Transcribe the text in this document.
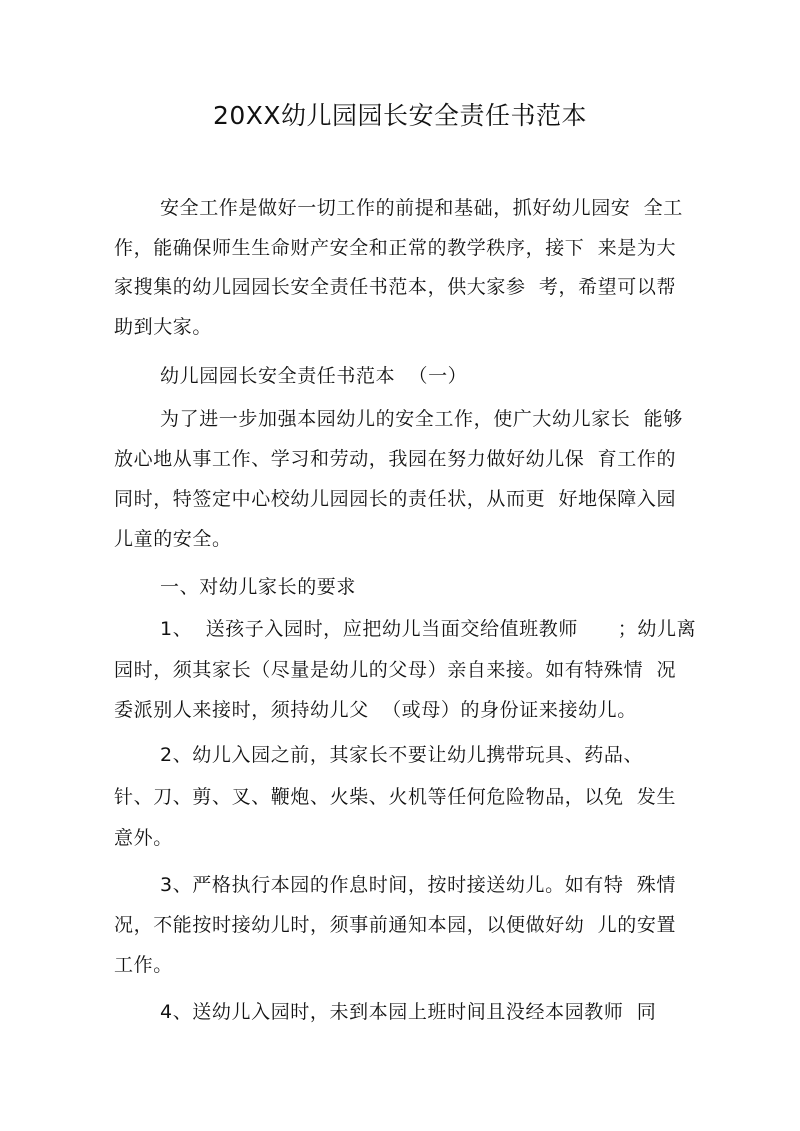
20XX幼儿园园长安全责任书范本
安全工作是做好一切工作的前提和基础，抓好幼儿园安  全工
作，能确保师生生命财产安全和正常的教学秩序，接下  来是为大
家搜集的幼儿园园长安全责任书范本，供大家参  考，希望可以帮
助到大家。
幼儿园园长安全责任书范本  （一）
为了进一步加强本园幼儿的安全工作，使广大幼儿家长  能够
放心地从事工作、学习和劳动，我园在努力做好幼儿保  育工作的
同时，特签定中心校幼儿园园长的责任状，从而更  好地保障入园
儿童的安全。
一、对幼儿家长的要求
1、  送孩子入园时，应把幼儿当面交给值班教师      ；幼儿离
园时，须其家长（尽量是幼儿的父母）亲自来接。如有特殊情  况
委派别人来接时，须持幼儿父  （或母）的身份证来接幼儿。
2、幼儿入园之前，其家长不要让幼儿携带玩具、药品、
针、刀、剪、叉、鞭炮、火柴、火机等任何危险物品，以免  发生
意外。
3、严格执行本园的作息时间，按时接送幼儿。如有特  殊情
况，不能按时接幼儿时，须事前通知本园，以便做好幼  儿的安置
工作。
4、送幼儿入园时，未到本园上班时间且没经本园教师  同
